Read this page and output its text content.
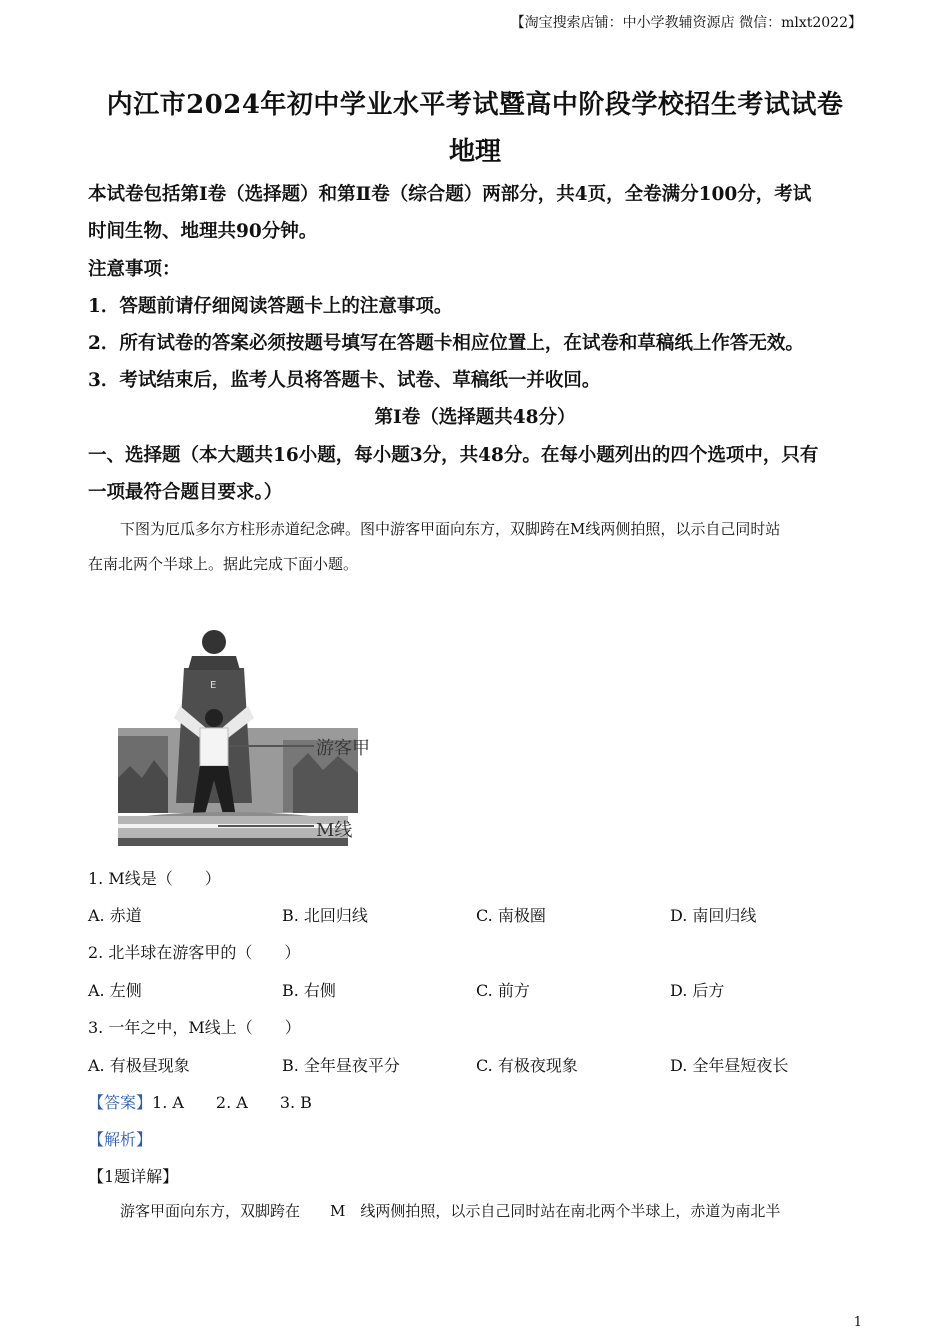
【淘宝搜索店铺：中小学教辅资源店 微信：mlxt2022】
内江市2024年初中学业水平考试暨高中阶段学校招生考试试卷
地理
本试卷包括第Ⅰ卷（选择题）和第Ⅱ卷（综合题）两部分，共4页，全卷满分100分，考试
时间生物、地理共90分钟。
注意事项：
1．答题前请仔细阅读答题卡上的注意事项。
2．所有试卷的答案必须按题号填写在答题卡相应位置上，在试卷和草稿纸上作答无效。
3．考试结束后，监考人员将答题卡、试卷、草稿纸一并收回。
第Ⅰ卷（选择题共48分）
一、选择题（本大题共16小题，每小题3分，共48分。在每小题列出的四个选项中，只有
一项最符合题目要求。）
下图为厄瓜多尔方柱形赤道纪念碑。图中游客甲面向东方，双脚跨在M线两侧拍照，以示自己同时站
在南北两个半球上。据此完成下面小题。
E
游客甲
M线
1. M线是（　　）
A. 赤道	B. 北回归线	C. 南极圈	D. 南回归线
2. 北半球在游客甲的（　　）
A. 左侧	B. 右侧	C. 前方	D. 后方
3. 一年之中，M线上（　　）
A. 有极昼现象	B. 全年昼夜平分	C. 有极夜现象	D. 全年昼短夜长
【答案】1. A　　2. A　　3. B
【解析】
【1题详解】
游客甲面向东方，双脚跨在　　M　线两侧拍照，以示自己同时站在南北两个半球上，赤道为南北半
1
